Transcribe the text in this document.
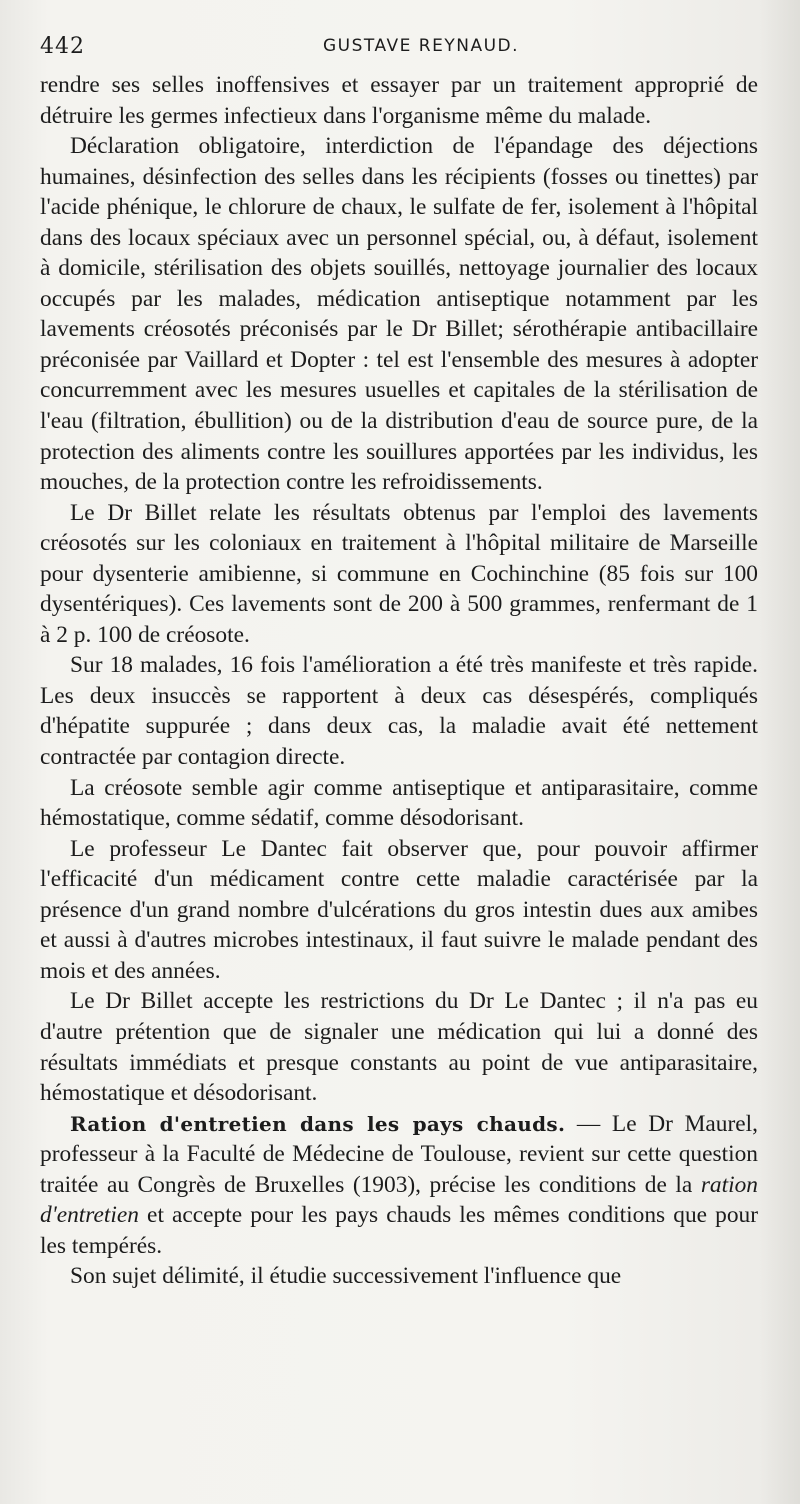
442	GUSTAVE REYNAUD.

rendre ses selles inoffensives et essayer par un traitement approprié de détruire les germes infectieux dans l'organisme même du malade.

Déclaration obligatoire, interdiction de l'épandage des déjections humaines, désinfection des selles dans les récipients (fosses ou tinettes) par l'acide phénique, le chlorure de chaux, le sulfate de fer, isolement à l'hôpital dans des locaux spéciaux avec un personnel spécial, ou, à défaut, isolement à domicile, stérilisation des objets souillés, nettoyage journalier des locaux occupés par les malades, médication antiseptique notamment par les lavements créosotés préconisés par le Dr Billet; sérothérapie antibacillaire préconisée par Vaillard et Dopter : tel est l'ensemble des mesures à adopter concurremment avec les mesures usuelles et capitales de la stérilisation de l'eau (filtration, ébullition) ou de la distribution d'eau de source pure, de la protection des aliments contre les souillures apportées par les individus, les mouches, de la protection contre les refroidissements.

Le Dr Billet relate les résultats obtenus par l'emploi des lavements créosotés sur les coloniaux en traitement à l'hôpital militaire de Marseille pour dysenterie amibienne, si commune en Cochinchine (85 fois sur 100 dysentériques). Ces lavements sont de 200 à 500 grammes, renfermant de 1 à 2 p. 100 de créosote.

Sur 18 malades, 16 fois l'amélioration a été très manifeste et très rapide. Les deux insuccès se rapportent à deux cas désespérés, compliqués d'hépatite suppurée ; dans deux cas, la maladie avait été nettement contractée par contagion directe.

La créosote semble agir comme antiseptique et antiparasitaire, comme hémostatique, comme sédatif, comme désodorisant.

Le professeur Le Dantec fait observer que, pour pouvoir affirmer l'efficacité d'un médicament contre cette maladie caractérisée par la présence d'un grand nombre d'ulcérations du gros intestin dues aux amibes et aussi à d'autres microbes intestinaux, il faut suivre le malade pendant des mois et des années.

Le Dr Billet accepte les restrictions du Dr Le Dantec ; il n'a pas eu d'autre prétention que de signaler une médication qui lui a donné des résultats immédiats et presque constants au point de vue antiparasitaire, hémostatique et désodorisant.

Ration d'entretien dans les pays chauds. — Le Dr Maurel, professeur à la Faculté de Médecine de Toulouse, revient sur cette question traitée au Congrès de Bruxelles (1903), précise les conditions de la ration d'entretien et accepte pour les pays chauds les mêmes conditions que pour les tempérés.

Son sujet délimité, il étudie successivement l'influence que
